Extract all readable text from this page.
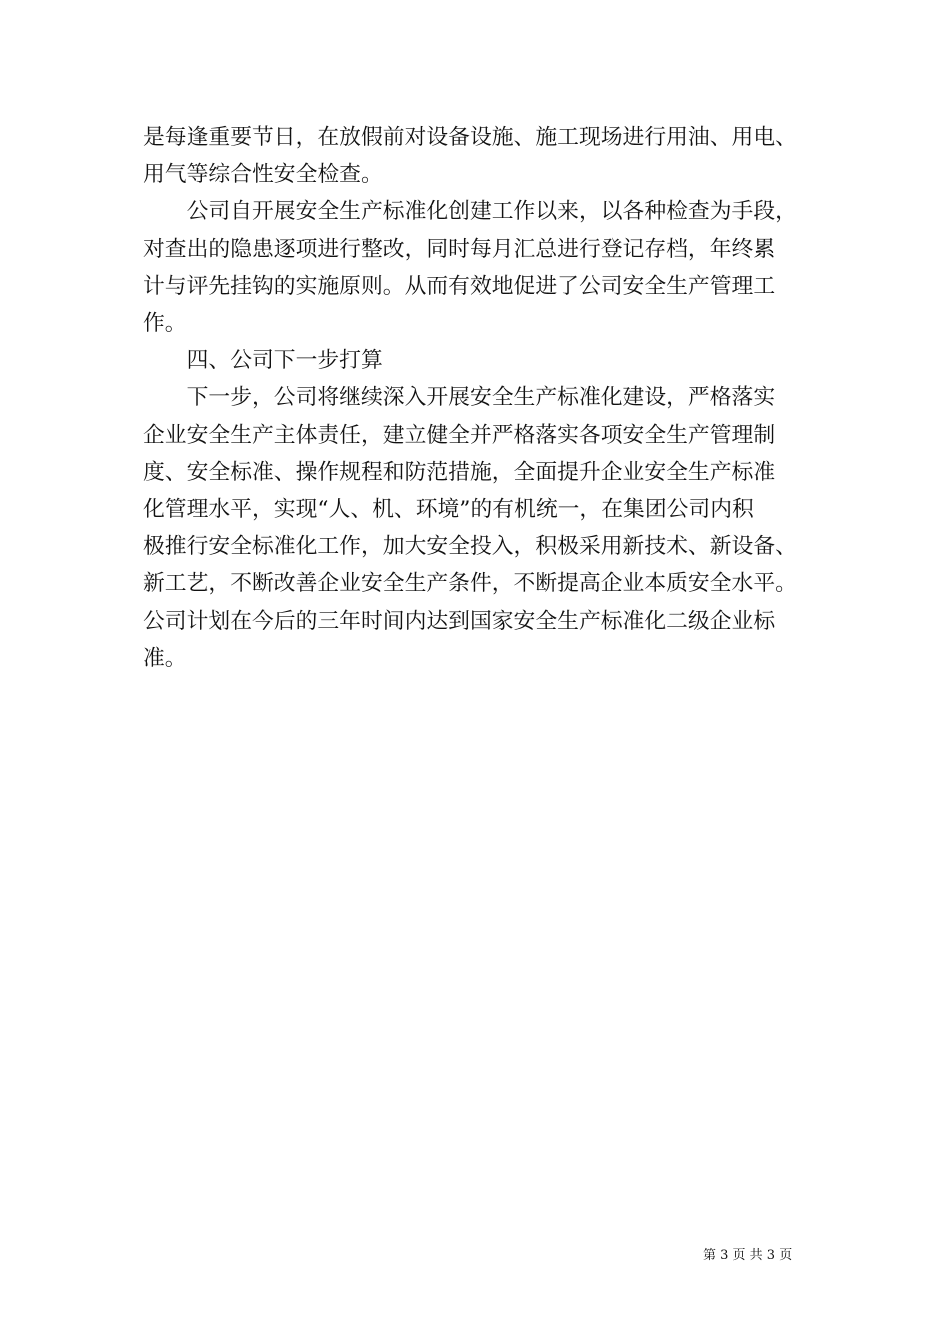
是每逢重要节日，在放假前对设备设施、施工现场进行用油、用电、
用气等综合性安全检查。

　　公司自开展安全生产标准化创建工作以来，以各种检查为手段，
对查出的隐患逐项进行整改，同时每月汇总进行登记存档，年终累
计与评先挂钩的实施原则。从而有效地促进了公司安全生产管理工
作。

　　四、公司下一步打算

　　下一步，公司将继续深入开展安全生产标准化建设，严格落实
企业安全生产主体责任，建立健全并严格落实各项安全生产管理制
度、安全标准、操作规程和防范措施，全面提升企业安全生产标准
化管理水平，实现“人、机、环境”的有机统一，在集团公司内积
极推行安全标准化工作，加大安全投入，积极采用新技术、新设备、
新工艺，不断改善企业安全生产条件，不断提高企业本质安全水平。
公司计划在今后的三年时间内达到国家安全生产标准化二级企业标
准。

第 3 页 共 3 页
